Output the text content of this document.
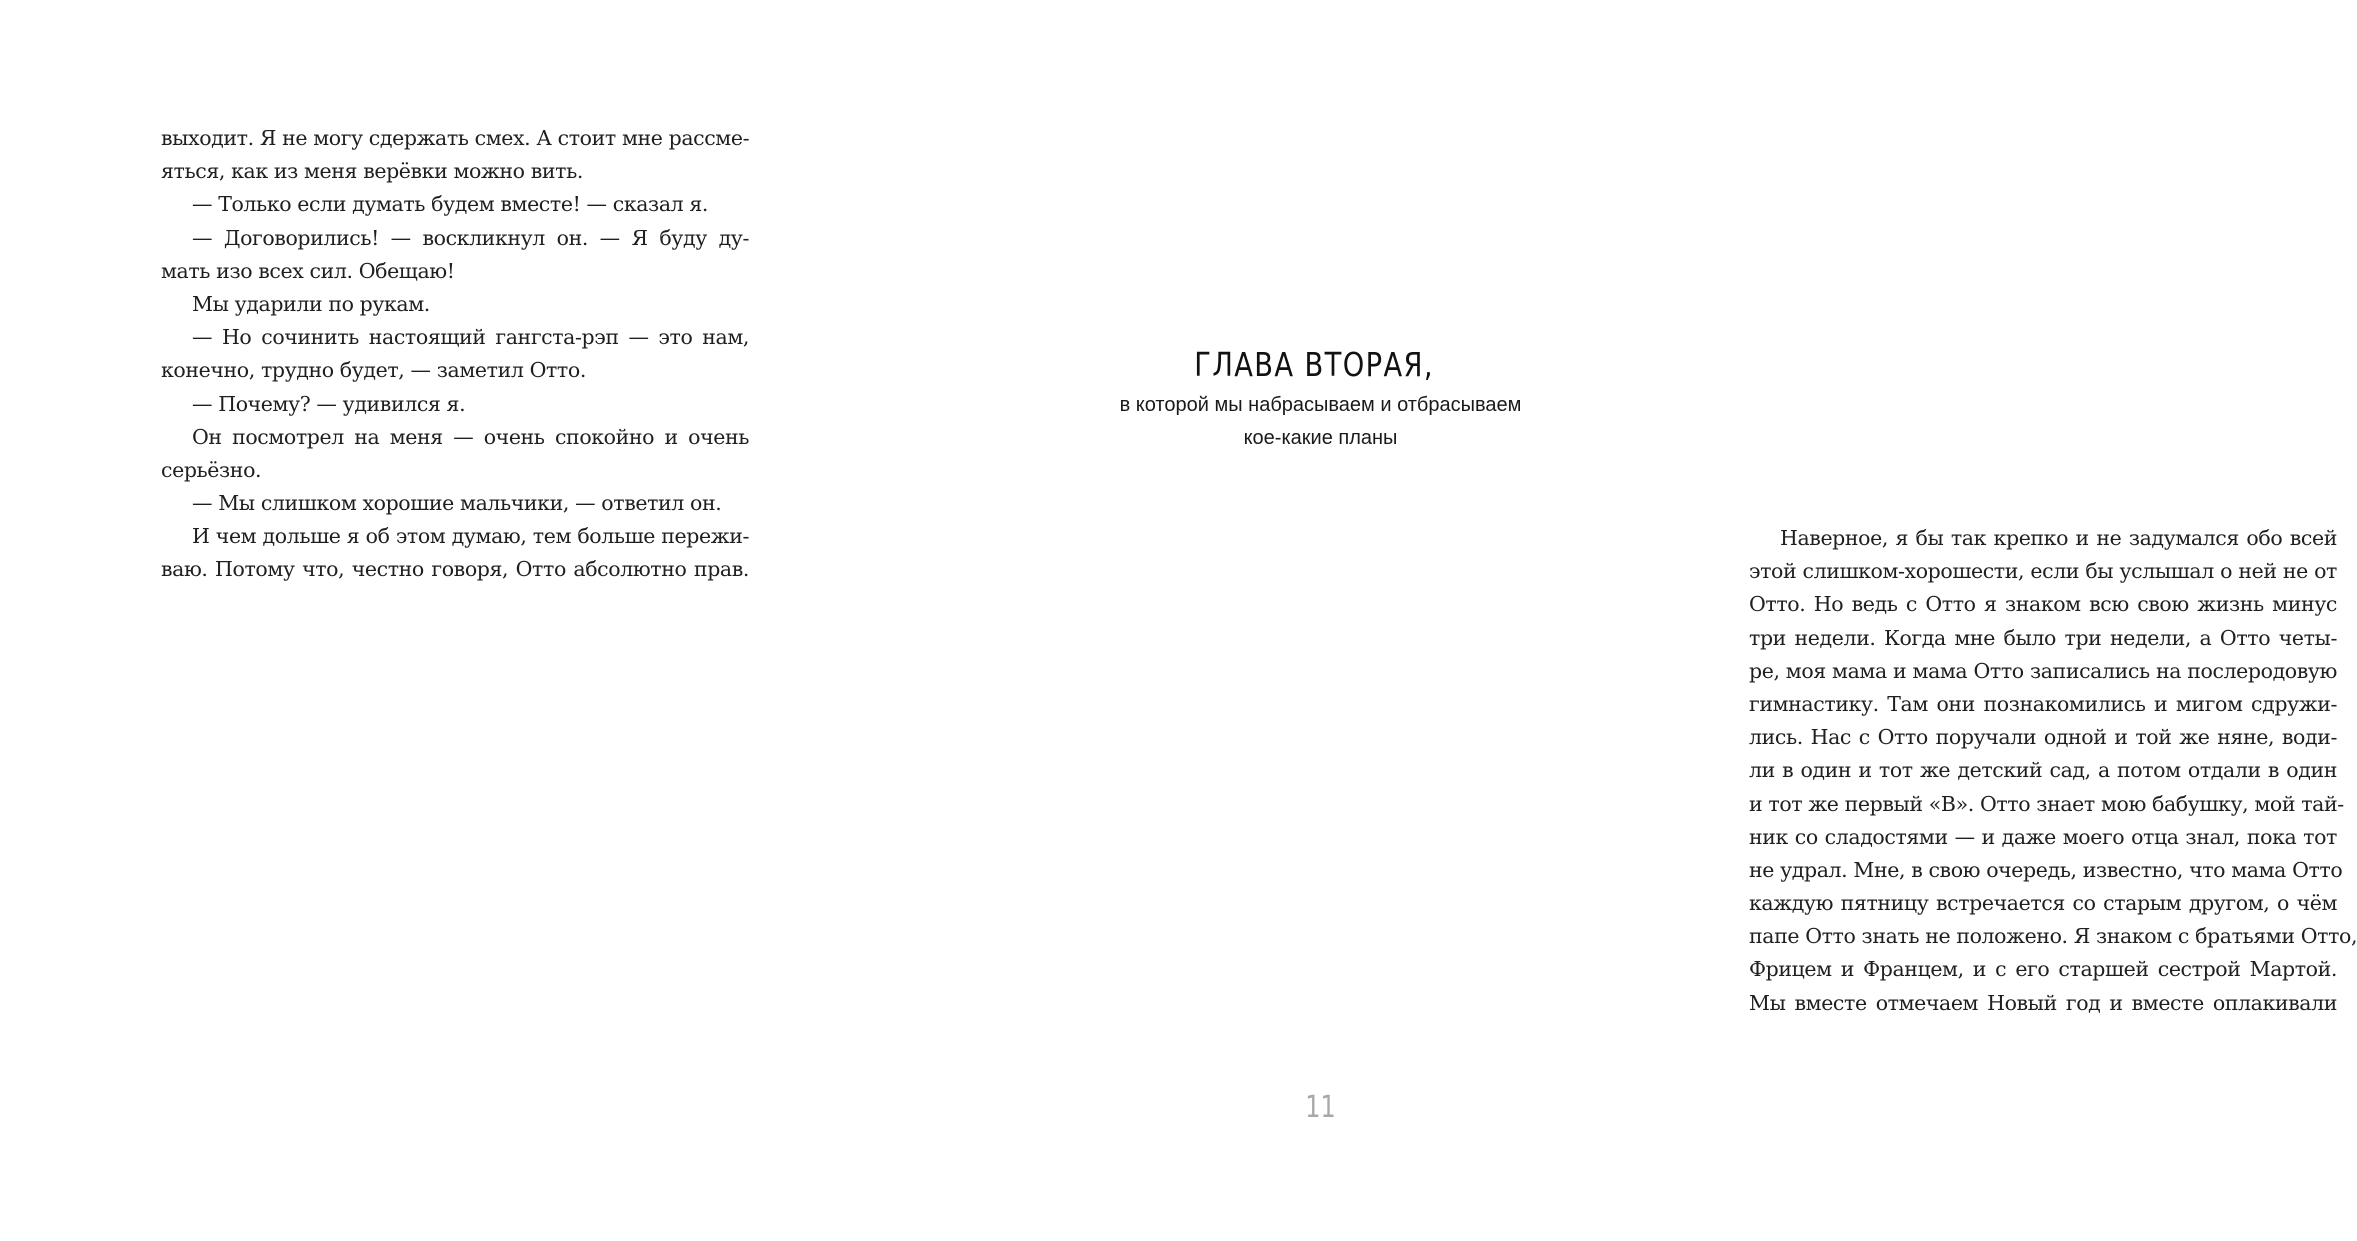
выходит. Я не могу сдержать смех. А стоит мне рассме-
яться, как из меня верёвки можно вить.
— Только если думать будем вместе! — сказал я.
— Договорились! — воскликнул он. — Я буду ду-
мать изо всех сил. Обещаю!
Мы ударили по рукам.
— Но сочинить настоящий гангста-рэп — это нам,
конечно, трудно будет, — заметил Отто.
— Почему? — удивился я.
Он посмотрел на меня — очень спокойно и очень
серьёзно.
— Мы слишком хорошие мальчики, — ответил он.
И чем дольше я об этом думаю, тем больше пережи-
ваю. Потому что, честно говоря, Отто абсолютно прав.
ГЛАВА ВТОРАЯ,
в которой мы набрасываем и отбрасываем
кое-какие планы
Наверное, я бы так крепко и не задумался обо всей
этой слишком-хорошести, если бы услышал о ней не от
Отто. Но ведь с Отто я знаком всю свою жизнь минус
три недели. Когда мне было три недели, а Отто четы-
ре, моя мама и мама Отто записались на послеродовую
гимнастику. Там они познакомились и мигом сдружи-
лись. Нас с Отто поручали одной и той же няне, води-
ли в один и тот же детский сад, а потом отдали в один
и тот же первый «В». Отто знает мою бабушку, мой тай-
ник со сладостями — и даже моего отца знал, пока тот
не удрал. Мне, в свою очередь, известно, что мама Отто
каждую пятницу встречается со старым другом, о чём
папе Отто знать не положено. Я знаком с братьями Отто,
Фрицем и Францем, и с его старшей сестрой Мартой.
Мы вместе отмечаем Новый год и вместе оплакивали
11
